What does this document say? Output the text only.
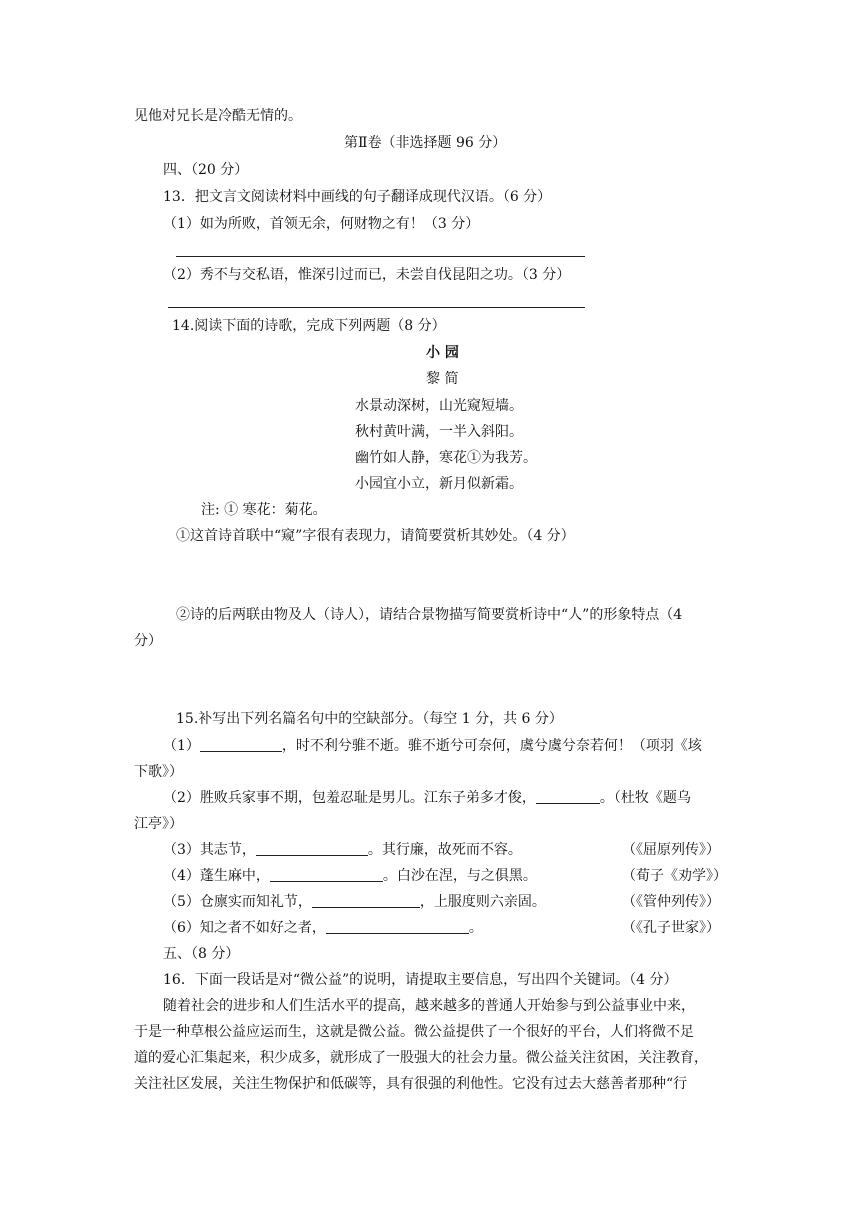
见他对兄长是冷酷无情的。
第Ⅱ卷（非选择题 96 分）
四、（20 分）
13．把文言文阅读材料中画线的句子翻译成现代汉语。（6 分）
（1）如为所败，首领无余，何财物之有！（3 分）
（2）秀不与交私语，惟深引过而已，未尝自伐昆阳之功。（3 分）
14.阅读下面的诗歌，完成下列两题（8 分）
小 园
黎 简
水景动深树，山光窥短墙。
秋村黄叶满，一半入斜阳。
幽竹如人静，寒花①为我芳。
小园宜小立，新月似新霜。
注: ① 寒花：菊花。
①这首诗首联中“窥”字很有表现力，请简要赏析其妙处。（4 分）
②诗的后两联由物及人（诗人），请结合景物描写简要赏析诗中“人”的形象特点（4
分）
15.补写出下列名篇名句中的空缺部分。（每空 1 分，共 6 分）
（1）	，时不利兮骓不逝。骓不逝兮可奈何，虞兮虞兮奈若何！（项羽《垓
下歌》）
（2）胜败兵家事不期，包羞忍耻是男儿。江东子弟多才俊，	。（杜牧《题乌
江亭》）
（3）其志节，	。其行廉，故死而不容。	（《屈原列传》）
（4）蓬生麻中，	。白沙在涅，与之俱黑。	（荀子《劝学》）
（5）仓廪实而知礼节，	，上服度则六亲固。	（《管仲列传》）
（6）知之者不如好之者，	。	（《孔子世家》）
五、（8 分）
16．下面一段话是对“微公益”的说明，请提取主要信息，写出四个关键词。（4 分）
随着社会的进步和人们生活水平的提高，越来越多的普通人开始参与到公益事业中来，
于是一种草根公益应运而生，这就是微公益。微公益提供了一个很好的平台，人们将微不足
道的爱心汇集起来，积少成多，就形成了一股强大的社会力量。微公益关注贫困，关注教育，
关注社区发展，关注生物保护和低碳等，具有很强的利他性。它没有过去大慈善者那种“行
